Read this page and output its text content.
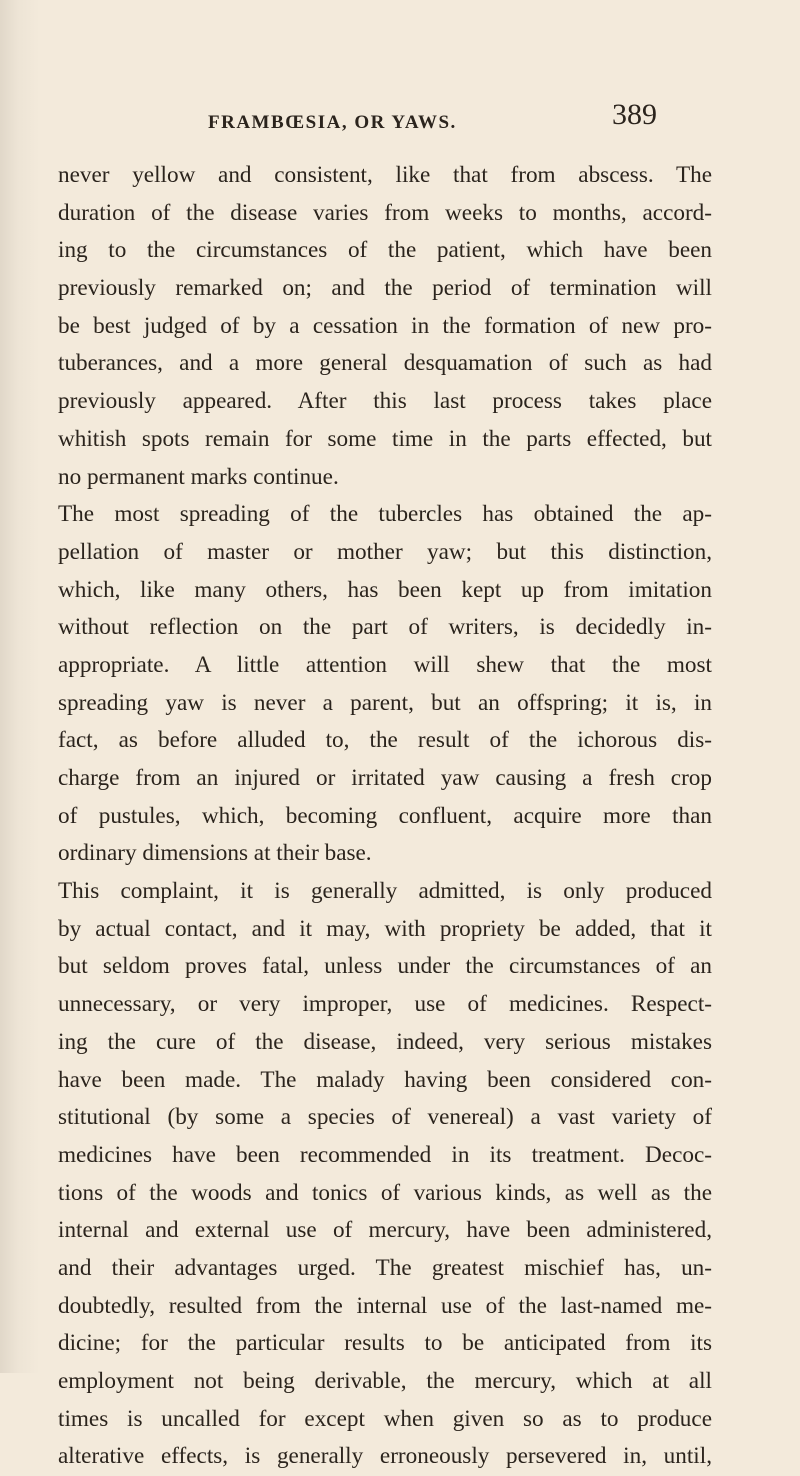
FRAMBŒSIA, OR YAWS.	389
never yellow and consistent, like that from abscess. The
duration of the disease varies from weeks to months, accord-
ing to the circumstances of the patient, which have been
previously remarked on; and the period of termination will
be best judged of by a cessation in the formation of new pro-
tuberances, and a more general desquamation of such as had
previously appeared. After this last process takes place
whitish spots remain for some time in the parts effected, but
no permanent marks continue.
The most spreading of the tubercles has obtained the ap-
pellation of master or mother yaw; but this distinction,
which, like many others, has been kept up from imitation
without reflection on the part of writers, is decidedly in-
appropriate. A little attention will shew that the most
spreading yaw is never a parent, but an offspring; it is, in
fact, as before alluded to, the result of the ichorous dis-
charge from an injured or irritated yaw causing a fresh crop
of pustules, which, becoming confluent, acquire more than
ordinary dimensions at their base.
This complaint, it is generally admitted, is only produced
by actual contact, and it may, with propriety be added, that it
but seldom proves fatal, unless under the circumstances of an
unnecessary, or very improper, use of medicines. Respect-
ing the cure of the disease, indeed, very serious mistakes
have been made. The malady having been considered con-
stitutional (by some a species of venereal) a vast variety of
medicines have been recommended in its treatment. Decoc-
tions of the woods and tonics of various kinds, as well as the
internal and external use of mercury, have been administered,
and their advantages urged. The greatest mischief has, un-
doubtedly, resulted from the internal use of the last-named me-
dicine; for the particular results to be anticipated from its
employment not being derivable, the mercury, which at all
times is uncalled for except when given so as to produce
alterative effects, is generally erroneously persevered in, until,
